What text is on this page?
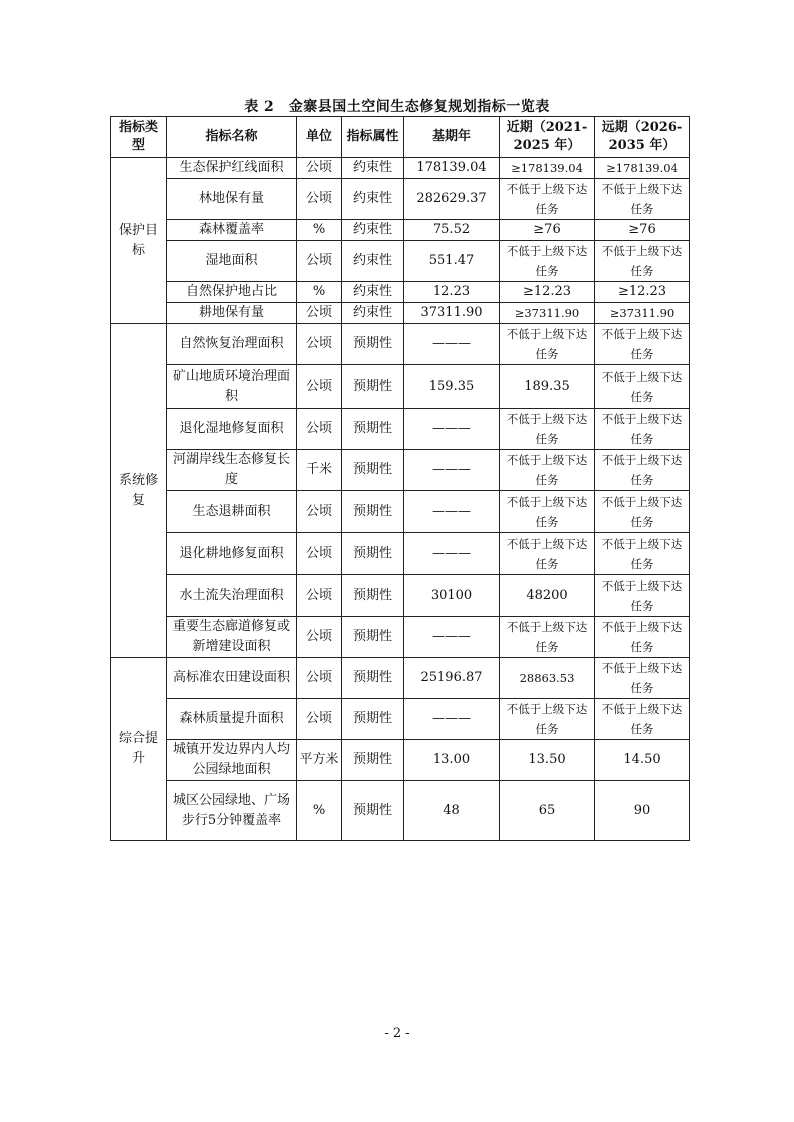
表 2　金寨县国土空间生态修复规划指标一览表
指标类型	指标名称	单位	指标属性	基期年	近期（2021-2025 年）	远期（2026-2035 年）
保护目标	生态保护红线面积	公顷	约束性	178139.04	≥178139.04	≥178139.04
	林地保有量	公顷	约束性	282629.37	不低于上级下达任务	不低于上级下达任务
	森林覆盖率	%	约束性	75.52	≥76	≥76
	湿地面积	公顷	约束性	551.47	不低于上级下达任务	不低于上级下达任务
	自然保护地占比	%	约束性	12.23	≥12.23	≥12.23
	耕地保有量	公顷	约束性	37311.90	≥37311.90	≥37311.90
系统修复	自然恢复治理面积	公顷	预期性	———	不低于上级下达任务	不低于上级下达任务
	矿山地质环境治理面积	公顷	预期性	159.35	189.35	不低于上级下达任务
	退化湿地修复面积	公顷	预期性	———	不低于上级下达任务	不低于上级下达任务
	河湖岸线生态修复长度	千米	预期性	———	不低于上级下达任务	不低于上级下达任务
	生态退耕面积	公顷	预期性	———	不低于上级下达任务	不低于上级下达任务
	退化耕地修复面积	公顷	预期性	———	不低于上级下达任务	不低于上级下达任务
	水土流失治理面积	公顷	预期性	30100	48200	不低于上级下达任务
	重要生态廊道修复或新增建设面积	公顷	预期性	———	不低于上级下达任务	不低于上级下达任务
综合提升	高标准农田建设面积	公顷	预期性	25196.87	28863.53	不低于上级下达任务
	森林质量提升面积	公顷	预期性	———	不低于上级下达任务	不低于上级下达任务
	城镇开发边界内人均公园绿地面积	平方米	预期性	13.00	13.50	14.50
	城区公园绿地、广场步行5分钟覆盖率	%	预期性	48	65	90
- 2 -
